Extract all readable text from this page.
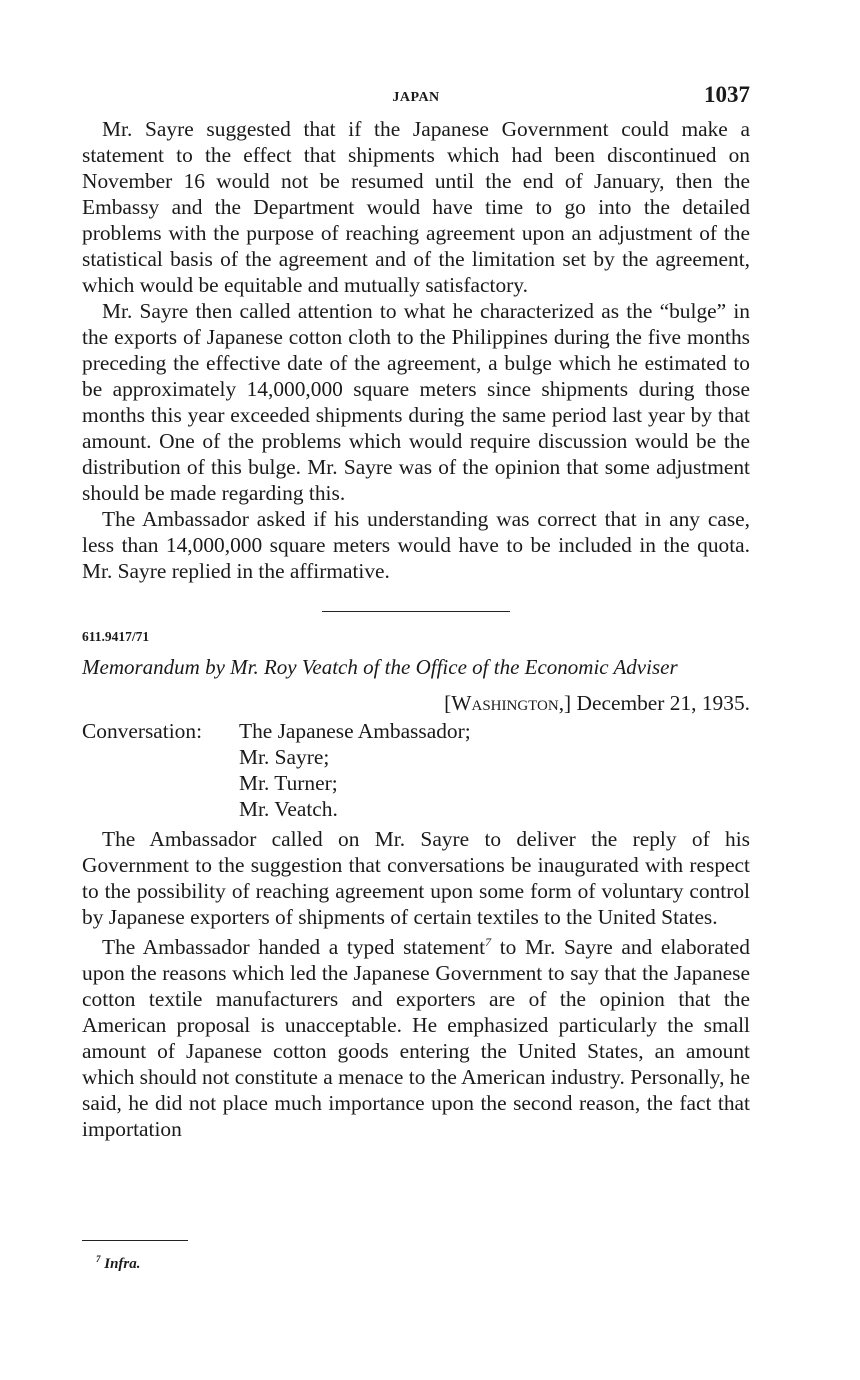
JAPAN	1037

Mr. Sayre suggested that if the Japanese Government could make a statement to the effect that shipments which had been discontinued on November 16 would not be resumed until the end of January, then the Embassy and the Department would have time to go into the detailed problems with the purpose of reaching agreement upon an adjustment of the statistical basis of the agreement and of the limitation set by the agreement, which would be equitable and mutually satisfactory.

Mr. Sayre then called attention to what he characterized as the “bulge” in the exports of Japanese cotton cloth to the Philippines during the five months preceding the effective date of the agreement, a bulge which he estimated to be approximately 14,000,000 square meters since shipments during those months this year exceeded shipments during the same period last year by that amount. One of the problems which would require discussion would be the distribution of this bulge. Mr. Sayre was of the opinion that some adjustment should be made regarding this.

The Ambassador asked if his understanding was correct that in any case, less than 14,000,000 square meters would have to be included in the quota. Mr. Sayre replied in the affirmative.

611.9417/71
Memorandum by Mr. Roy Veatch of the Office of the Economic Adviser
[Washington,] December 21, 1935.
Conversation:	The Japanese Ambassador;
Mr. Sayre;
Mr. Turner;
Mr. Veatch.

The Ambassador called on Mr. Sayre to deliver the reply of his Government to the suggestion that conversations be inaugurated with respect to the possibility of reaching agreement upon some form of voluntary control by Japanese exporters of shipments of certain textiles to the United States.

The Ambassador handed a typed statement$^7$ to Mr. Sayre and elaborated upon the reasons which led the Japanese Government to say that the Japanese cotton textile manufacturers and exporters are of the opinion that the American proposal is unacceptable. He emphasized particularly the small amount of Japanese cotton goods entering the United States, an amount which should not constitute a menace to the American industry. Personally, he said, he did not place much importance upon the second reason, the fact that importation

$^7$ Infra.
